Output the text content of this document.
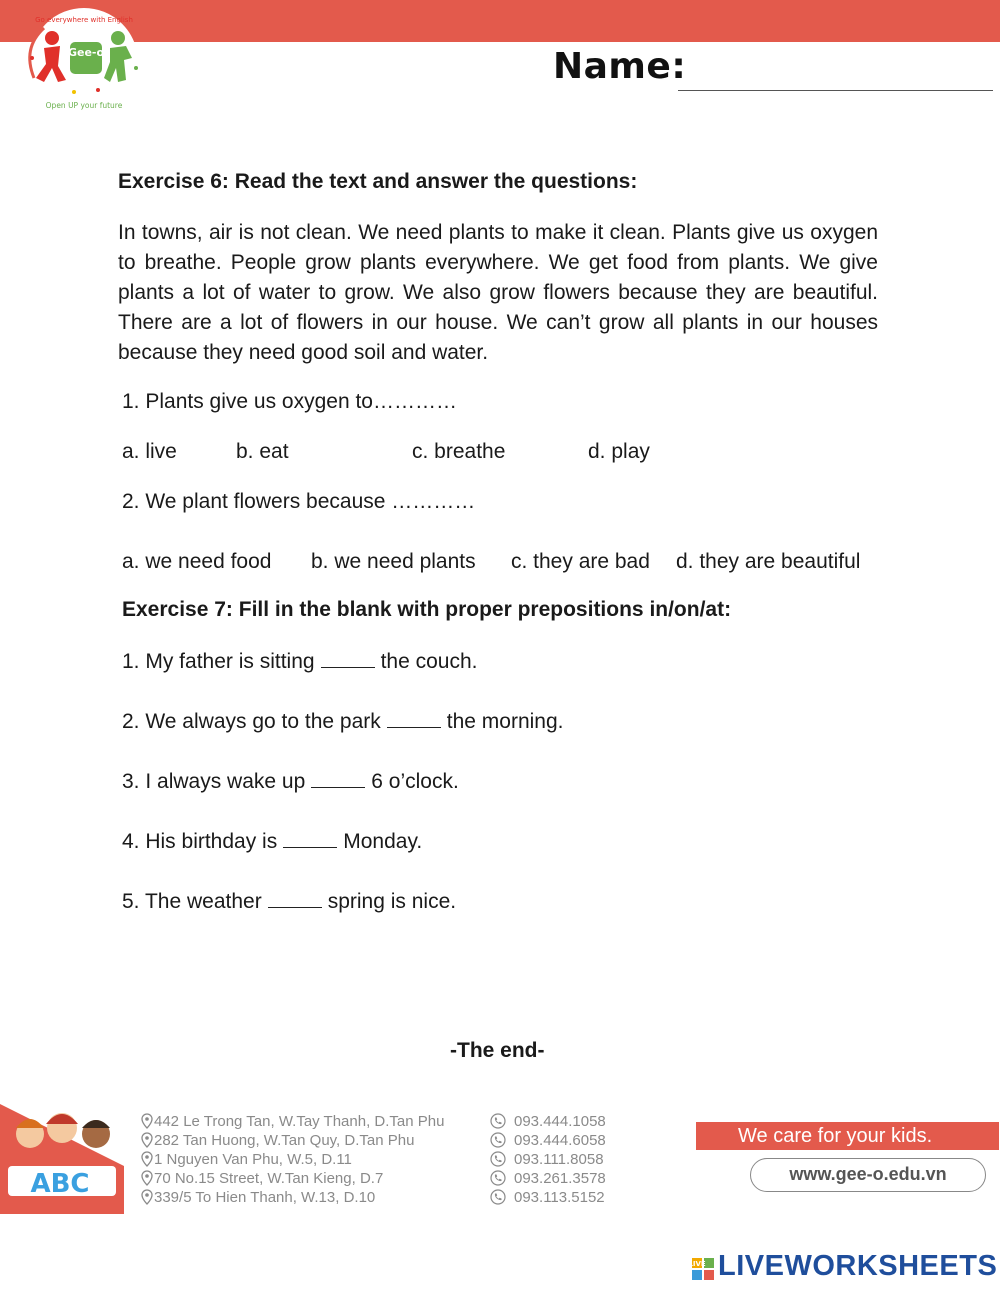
Gee-o
Go everywhere with English
Open UP your future
Name:
Exercise 6: Read the text and answer the questions:
In towns, air is not clean. We need plants to make it clean. Plants give us oxygen to breathe. People grow plants everywhere. We get food from plants. We give plants a lot of water to grow. We also grow flowers because they are beautiful. There are a lot of flowers in our house. We can’t grow all plants in our houses because they need good soil and water.
1. Plants give us oxygen to…………
a. live	b. eat	c. breathe	d. play
2. We plant flowers because …………
a. we need food b. we need plants c. they are bad d. they are beautiful
Exercise 7: Fill in the blank with proper prepositions in/on/at:
1. My father is sitting	the couch.
2. We always go to the park	the morning.
3. I always wake up	6 o’clock.
4. His birthday is	Monday.
5. The weather	spring is nice.
-The end-
ABC
442 Le Trong Tan, W.Tay Thanh, D.Tan Phu
282 Tan Huong, W.Tan Quy, D.Tan Phu
1 Nguyen Van Phu, W.5, D.11
70 No.15 Street, W.Tan Kieng, D.7
339/5 To Hien Thanh, W.13, D.10
093.444.1058
093.444.6058
093.111.8058
093.261.3578
093.113.5152
We care for your kids.
www.gee-o.edu.vn
LIVE LIVEWORKSHEETS
